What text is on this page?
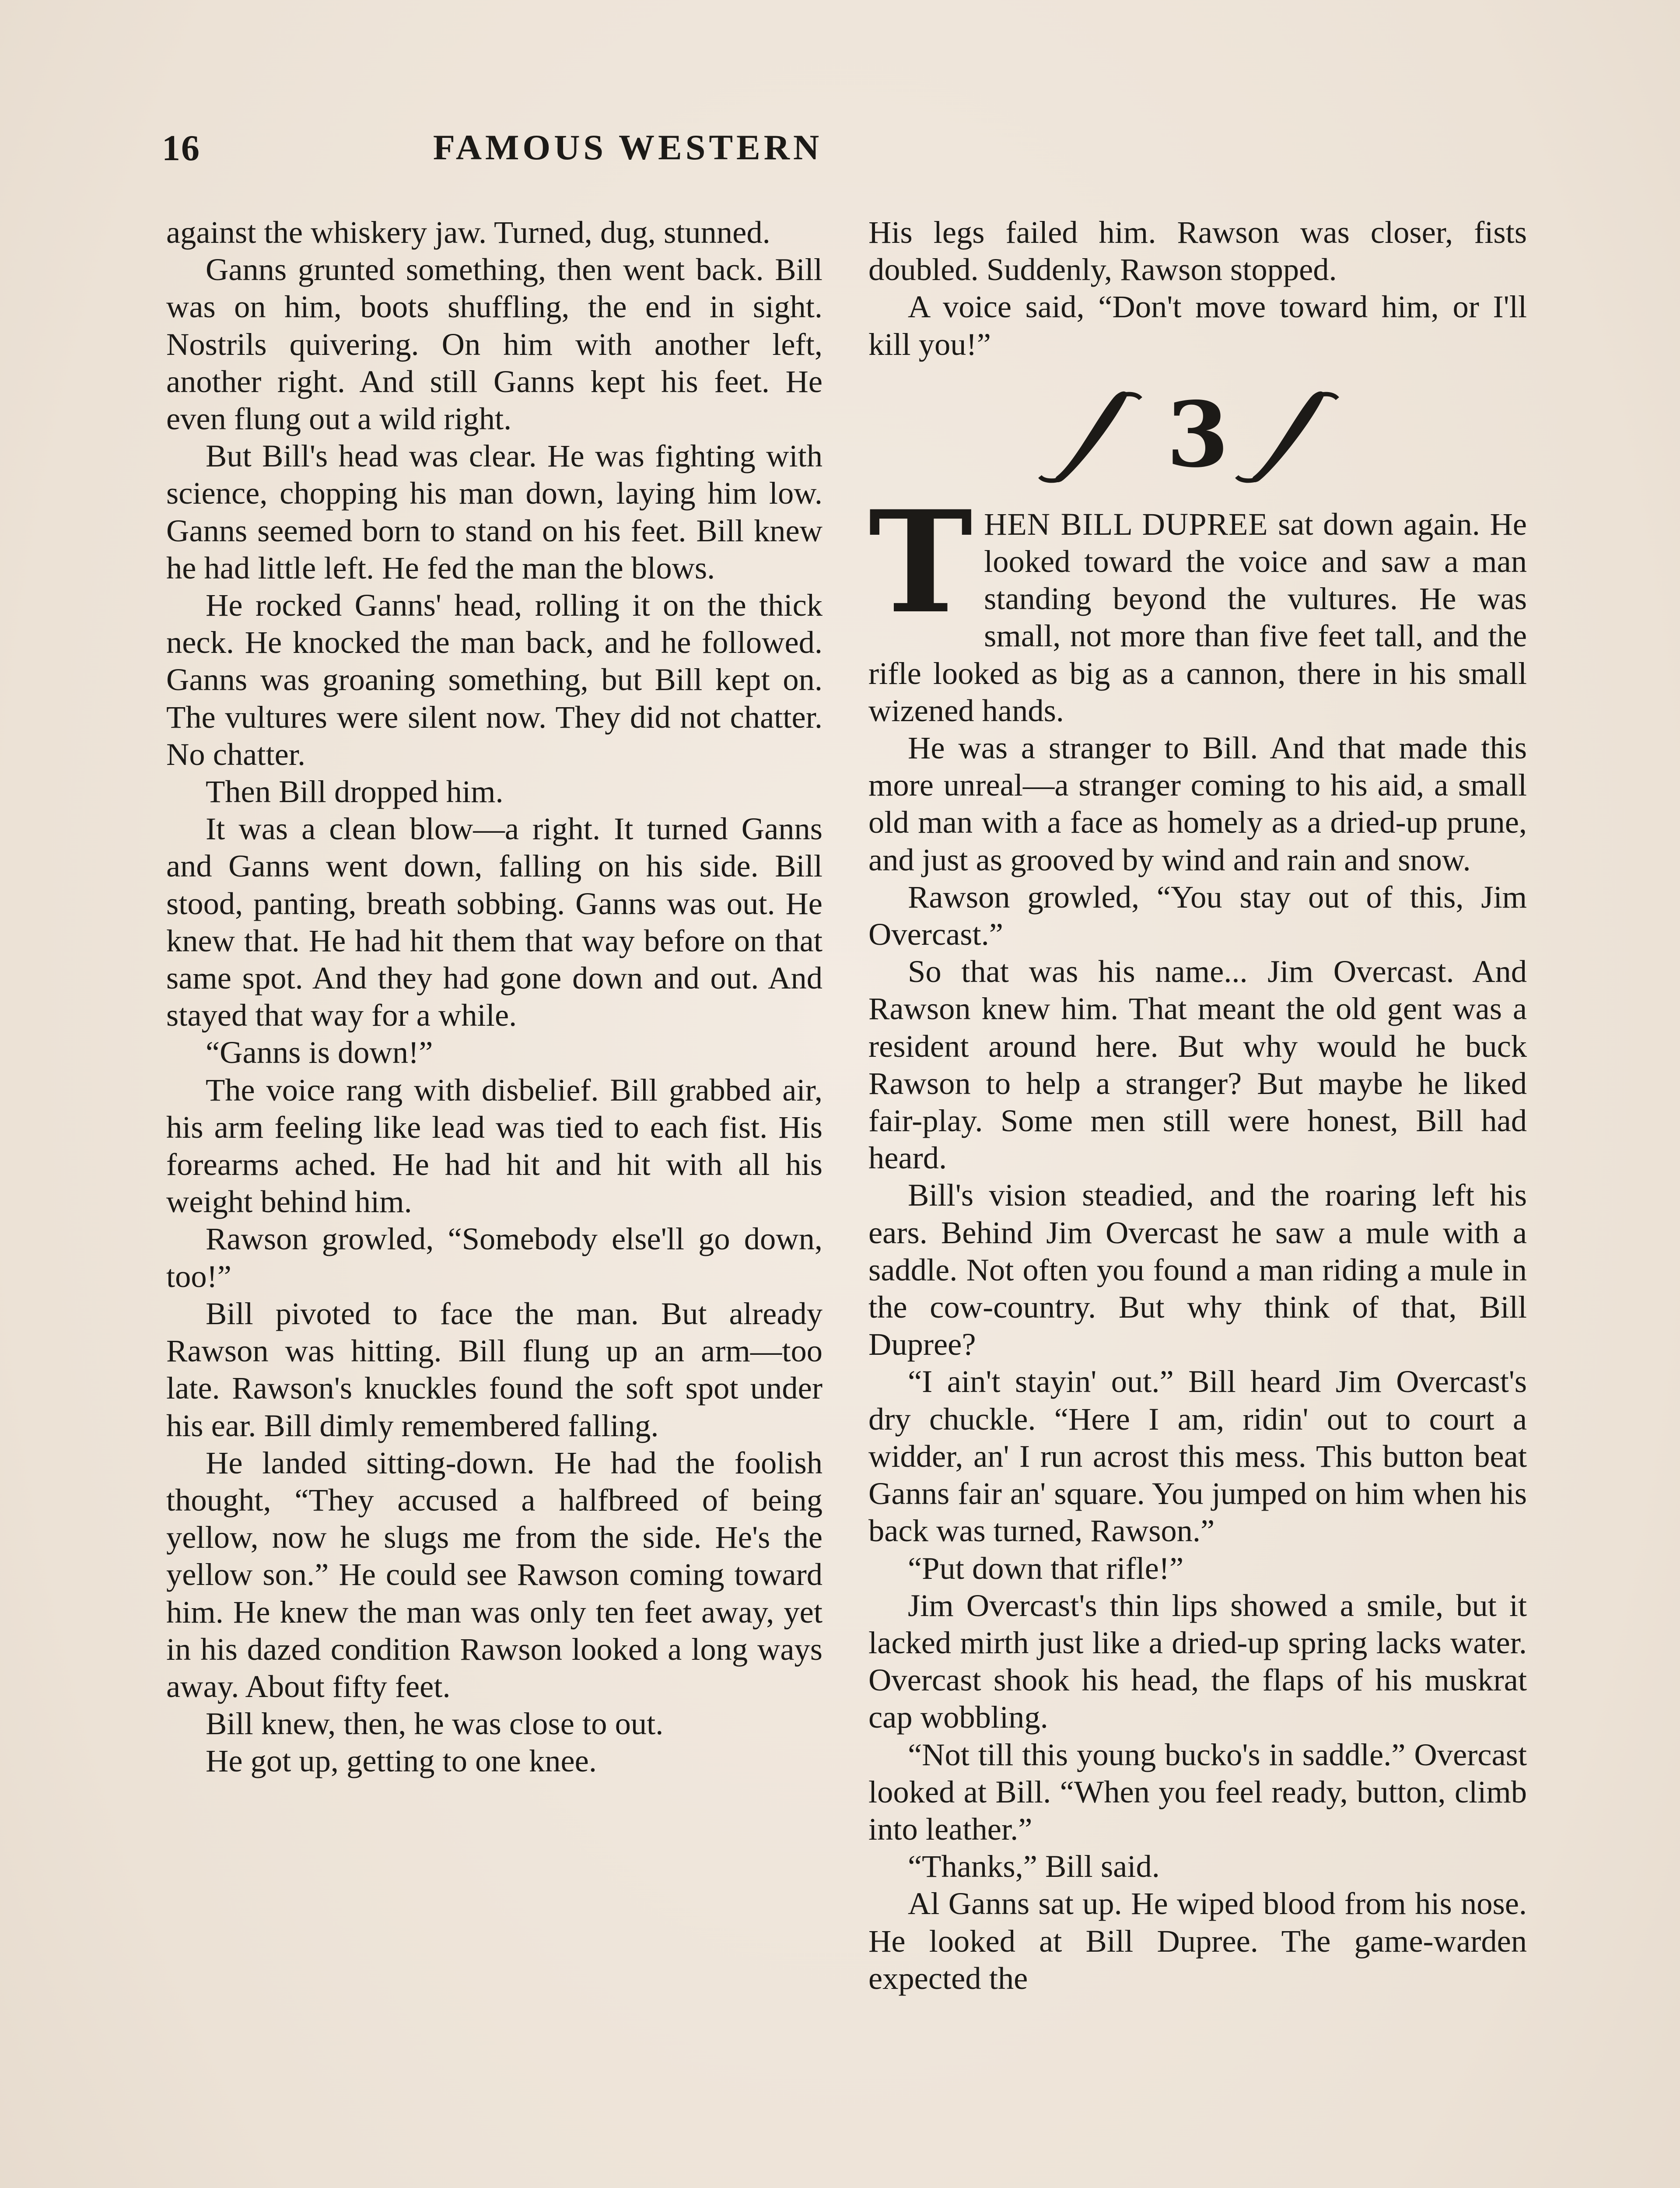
16	FAMOUS WESTERN

against the whiskery jaw. Turned, dug, stunned.

Ganns grunted something, then went back. Bill was on him, boots shuffling, the end in sight. Nostrils quivering. On him with another left, another right. And still Ganns kept his feet. He even flung out a wild right.

But Bill's head was clear. He was fighting with science, chopping his man down, laying him low. Ganns seemed born to stand on his feet. Bill knew he had little left. He fed the man the blows.

He rocked Ganns' head, rolling it on the thick neck. He knocked the man back, and he followed. Ganns was groaning something, but Bill kept on. The vultures were silent now. They did not chatter. No chatter.

Then Bill dropped him.

It was a clean blow—a right. It turned Ganns and Ganns went down, falling on his side. Bill stood, panting, breath sobbing. Ganns was out. He knew that. He had hit them that way before on that same spot. And they had gone down and out. And stayed that way for a while.

“Ganns is down!”

The voice rang with disbelief. Bill grabbed air, his arm feeling like lead was tied to each fist. His forearms ached. He had hit and hit with all his weight behind him.

Rawson growled, “Somebody else'll go down, too!”

Bill pivoted to face the man. But already Rawson was hitting. Bill flung up an arm—too late. Rawson's knuckles found the soft spot under his ear. Bill dimly remembered falling.

He landed sitting-down. He had the foolish thought, “They accused a halfbreed of being yellow, now he slugs me from the side. He's the yellow son.” He could see Rawson coming toward him. He knew the man was only ten feet away, yet in his dazed condition Rawson looked a long ways away. About fifty feet.

Bill knew, then, he was close to out.

He got up, getting to one knee.

His legs failed him. Rawson was closer, fists doubled. Suddenly, Rawson stopped.

A voice said, “Don't move toward him, or I'll kill you!”

3

THEN BILL DUPREE sat down again. He looked toward the voice and saw a man standing beyond the vultures. He was small, not more than five feet tall, and the rifle looked as big as a cannon, there in his small wizened hands.

He was a stranger to Bill. And that made this more unreal—a stranger coming to his aid, a small old man with a face as homely as a dried-up prune, and just as grooved by wind and rain and snow.

Rawson growled, “You stay out of this, Jim Overcast.”

So that was his name... Jim Overcast. And Rawson knew him. That meant the old gent was a resident around here. But why would he buck Rawson to help a stranger? But maybe he liked fair-play. Some men still were honest, Bill had heard.

Bill's vision steadied, and the roaring left his ears. Behind Jim Overcast he saw a mule with a saddle. Not often you found a man riding a mule in the cow-country. But why think of that, Bill Dupree?

“I ain't stayin' out.” Bill heard Jim Overcast's dry chuckle. “Here I am, ridin' out to court a widder, an' I run acrost this mess. This button beat Ganns fair an' square. You jumped on him when his back was turned, Rawson.”

“Put down that rifle!”

Jim Overcast's thin lips showed a smile, but it lacked mirth just like a dried-up spring lacks water. Overcast shook his head, the flaps of his muskrat cap wobbling.

“Not till this young bucko's in saddle.” Overcast looked at Bill. “When you feel ready, button, climb into leather.”

“Thanks,” Bill said.

Al Ganns sat up. He wiped blood from his nose. He looked at Bill Dupree. The game-warden expected the
